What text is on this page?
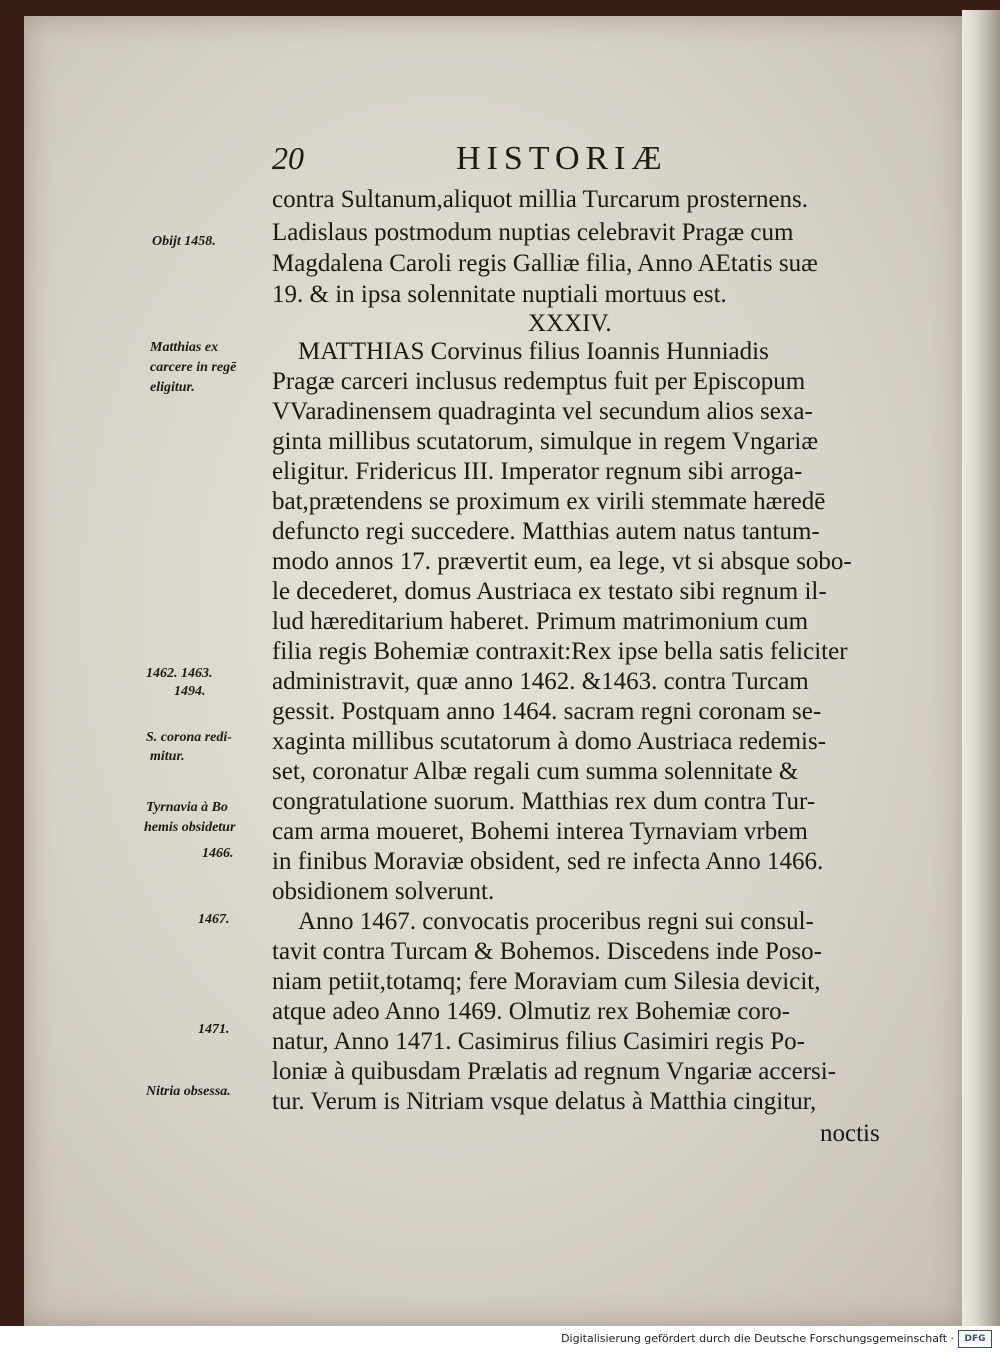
20	HISTORIÆ
contra Sultanum,aliquot millia Turcarum prosternens.
Ladislaus postmodum nuptias celebravit Pragæ cum
Magdalena Caroli regis Galliæ filia, Anno AEtatis suæ
19. & in ipsa solennitate nuptiali mortuus est.
XXXIV.
MATTHIAS Corvinus filius Ioannis Hunniadis
Pragæ carceri inclusus redemptus fuit per Episcopum
VVaradinensem quadraginta vel secundum alios sexa-
ginta millibus scutatorum, simulque in regem Vngariæ
eligitur. Fridericus III. Imperator regnum sibi arroga-
bat,prætendens se proximum ex virili stemmate hæredē
defuncto regi succedere. Matthias autem natus tantum-
modo annos 17. prævertit eum, ea lege, vt si absque sobo-
le decederet, domus Austriaca ex testato sibi regnum il-
lud hæreditarium haberet. Primum matrimonium cum
filia regis Bohemiæ contraxit:Rex ipse bella satis feliciter
administravit, quæ anno 1462. &1463. contra Turcam
gessit. Postquam anno 1464. sacram regni coronam se-
xaginta millibus scutatorum à domo Austriaca redemis-
set, coronatur Albæ regali cum summa solennitate &
congratulatione suorum. Matthias rex dum contra Tur-
cam arma moueret, Bohemi interea Tyrnaviam vrbem
in finibus Moraviæ obsident, sed re infecta Anno 1466.
obsidionem solverunt.
Anno 1467. convocatis proceribus regni sui consul-
tavit contra Turcam & Bohemos. Discedens inde Poso-
niam petiit,totamq; fere Moraviam cum Silesia devicit,
atque adeo Anno 1469. Olmutiz rex Bohemiæ coro-
natur, Anno 1471. Casimirus filius Casimiri regis Po-
loniæ à quibusdam Prælatis ad regnum Vngariæ accersi-
tur. Verum is Nitriam vsque delatus à Matthia cingitur,
noctis
Obijt 1458.
Matthias ex
carcere in regē
eligitur.
1462. 1463.
1494.
S. corona redi-
mitur.
Tyrnavia à Bo
hemis obsidetur
1466.
1467.
1471.
Nitria obsessa.
Digitalisierung gefördert durch die Deutsche Forschungsgemeinschaft ·	DFG
